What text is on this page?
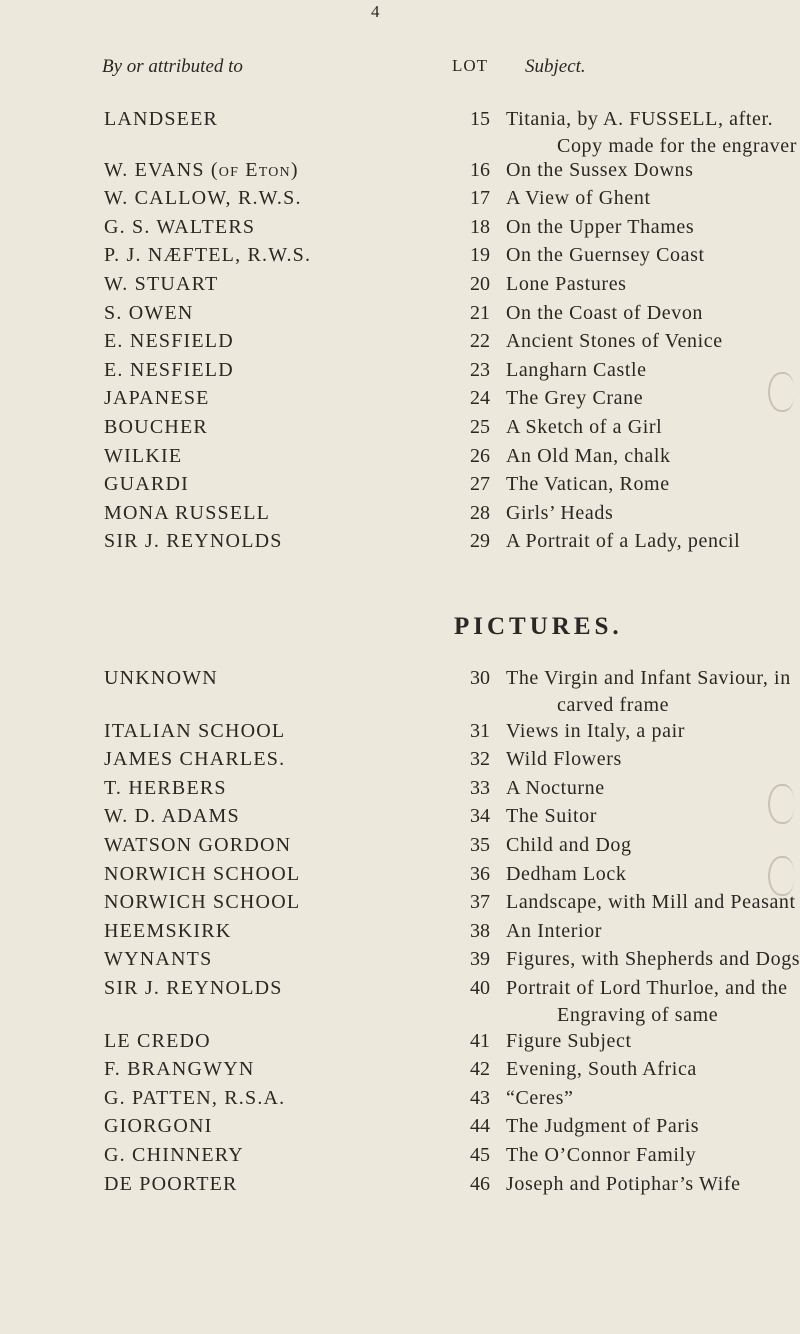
4
By or attributed to	LOT Subject.
LANDSEER	15 Titania, by A. FUSSELL, after.
Copy made for the engraver
W. EVANS (of Eton)	16 On the Sussex Downs
W. CALLOW, R.W.S.	17 A View of Ghent
G. S. WALTERS	18 On the Upper Thames
P. J. NÆFTEL, R.W.S.	19 On the Guernsey Coast
W. STUART	20 Lone Pastures
S. OWEN	21 On the Coast of Devon
E. NESFIELD	22 Ancient Stones of Venice
E. NESFIELD	23 Langharn Castle
JAPANESE	24 The Grey Crane
BOUCHER	25 A Sketch of a Girl
WILKIE	26 An Old Man, chalk
GUARDI	27 The Vatican, Rome
MONA RUSSELL	28 Girls’ Heads
SIR J. REYNOLDS	29 A Portrait of a Lady, pencil
PICTURES.
UNKNOWN	30 The Virgin and Infant Saviour, in
carved frame
ITALIAN SCHOOL	31 Views in Italy, a pair
JAMES CHARLES.	32 Wild Flowers
T. HERBERS	33 A Nocturne
W. D. ADAMS	34 The Suitor
WATSON GORDON	35 Child and Dog
NORWICH SCHOOL	36 Dedham Lock
NORWICH SCHOOL	37 Landscape, with Mill and Peasant
HEEMSKIRK	38 An Interior
WYNANTS	39 Figures, with Shepherds and Dogs
SIR J. REYNOLDS	40 Portrait of Lord Thurloe, and the
Engraving of same
LE CREDO	41 Figure Subject
F. BRANGWYN	42 Evening, South Africa
G. PATTEN, R.S.A.	43 “Ceres”
GIORGONI	44 The Judgment of Paris
G. CHINNERY	45 The O’Connor Family
DE POORTER	46 Joseph and Potiphar’s Wife
